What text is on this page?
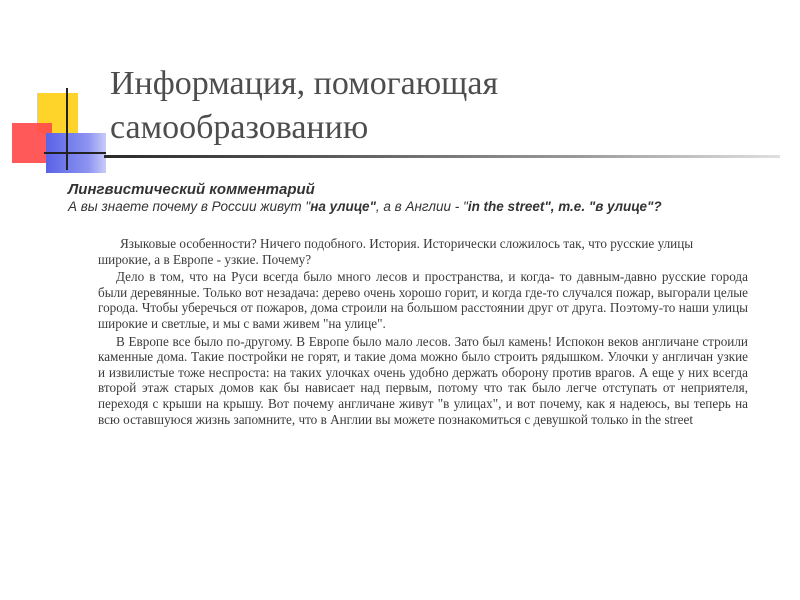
Информация, помогающая самообразованию
Лингвистический комментарий
А вы знаете почему в России живут "на улице", а в Англии - "in the street", т.е. "в улице"?

Языковые особенности? Ничего подобного. История. Исторически сложилось так, что русские улицы широкие, а в Европе - узкие. Почему?

Дело в том, что на Руси всегда было много лесов и пространства, и когда- то давным-давно русские города были деревянные. Только вот незадача: дерево очень хорошо горит, и когда где-то случался пожар, выгорали целые города. Чтобы уберечься от пожаров, дома строили на большом расстоянии друг от друга. Поэтому-то наши улицы широкие и светлые, и мы с вами живем "на улице".

В Европе все было по-другому. В Европе было мало лесов. Зато был камень! Испокон веков англичане строили каменные дома. Такие постройки не горят, и такие дома можно было строить рядышком. Улочки у англичан узкие и извилистые тоже неспроста: на таких улочках очень удобно держать оборону против врагов. А еще у них всегда второй этаж старых домов как бы нависает над первым, потому что так было легче отступать от неприятеля, переходя с крыши на крышу. Вот почему англичане живут "в улицах", и вот почему, как я надеюсь, вы теперь на всю оставшуюся жизнь запомните, что в Англии вы можете познакомиться с девушкой только in the street
